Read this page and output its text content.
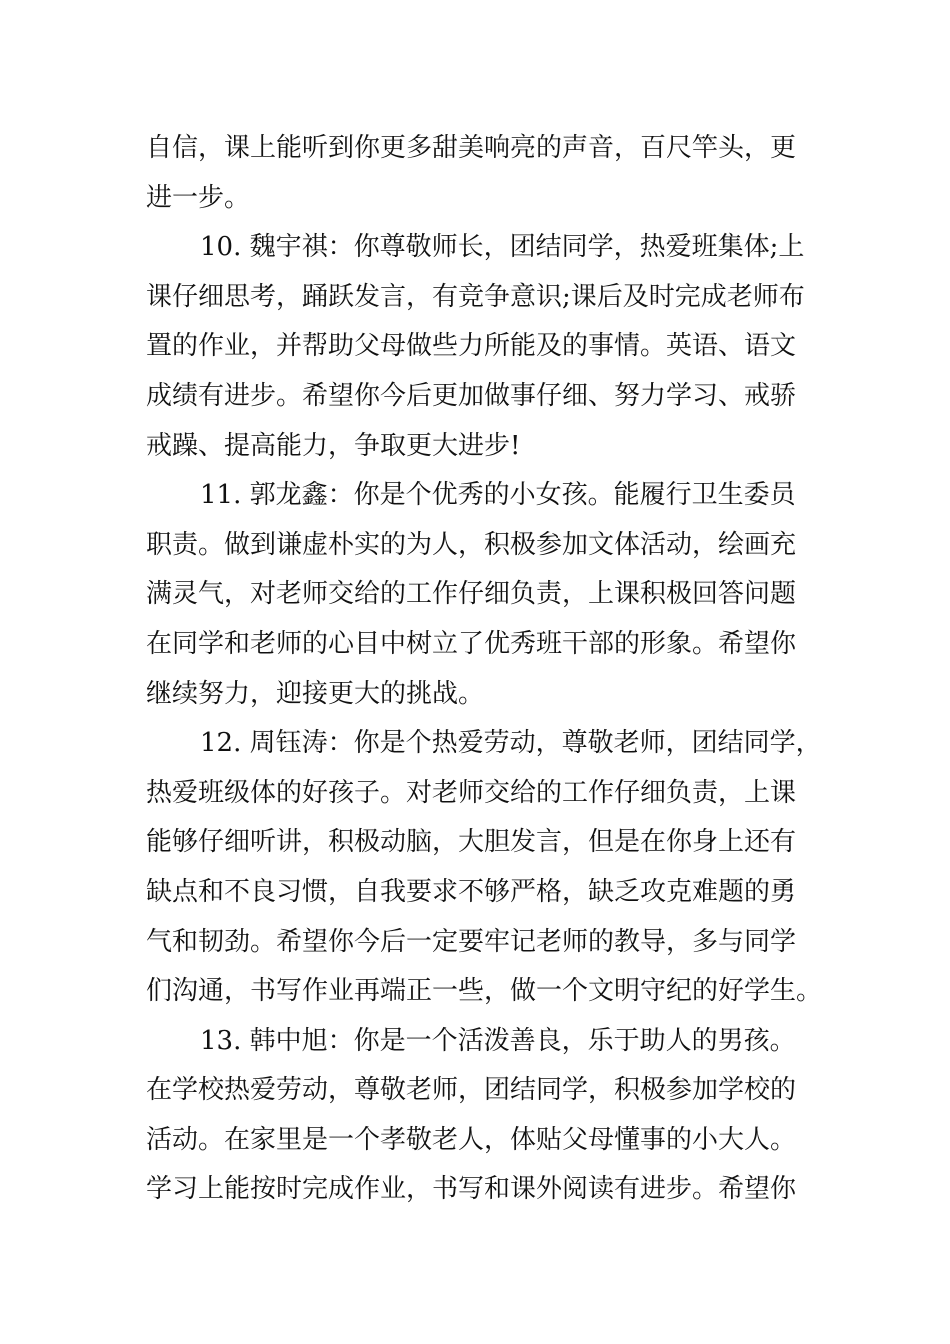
自信，课上能听到你更多甜美响亮的声音，百尺竿头，更
进一步。
10. 魏宇祺：你尊敬师长，团结同学，热爱班集体;上
课仔细思考，踊跃发言，有竞争意识;课后及时完成老师布
置的作业，并帮助父母做些力所能及的事情。英语、语文
成绩有进步。希望你今后更加做事仔细、努力学习、戒骄
戒躁、提高能力，争取更大进步!
11. 郭龙鑫：你是个优秀的小女孩。能履行卫生委员
职责。做到谦虚朴实的为人，积极参加文体活动，绘画充
满灵气，对老师交给的工作仔细负责，上课积极回答问题
在同学和老师的心目中树立了优秀班干部的形象。希望你
继续努力，迎接更大的挑战。
12. 周钰涛：你是个热爱劳动，尊敬老师，团结同学，
热爱班级体的好孩子。对老师交给的工作仔细负责，上课
能够仔细听讲，积极动脑，大胆发言，但是在你身上还有
缺点和不良习惯，自我要求不够严格，缺乏攻克难题的勇
气和韧劲。希望你今后一定要牢记老师的教导，多与同学
们沟通，书写作业再端正一些，做一个文明守纪的好学生。
13. 韩中旭：你是一个活泼善良，乐于助人的男孩。
在学校热爱劳动，尊敬老师，团结同学，积极参加学校的
活动。在家里是一个孝敬老人，体贴父母懂事的小大人。
学习上能按时完成作业，书写和课外阅读有进步。希望你
